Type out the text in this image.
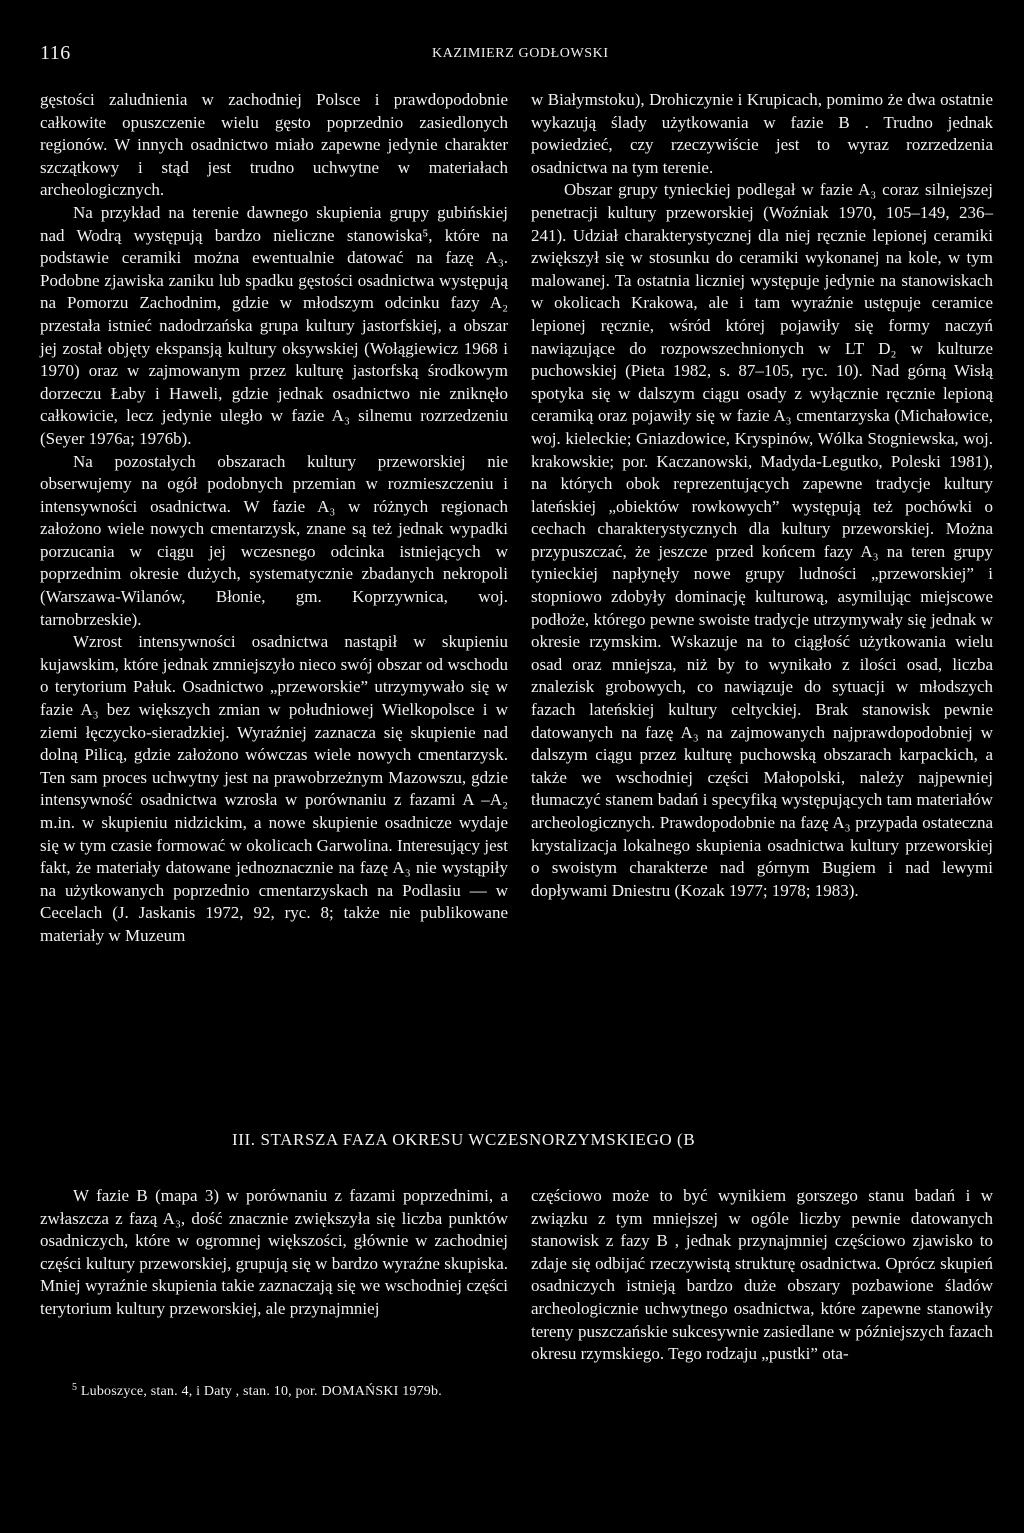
116	KAZIMIERZ GODŁOWSKI

gęstości zaludnienia w zachodniej Polsce i prawdopodobnie całkowite opuszczenie wielu gęsto poprzednio zasiedlonych regionów. W innych osadnictwo miało zapewne jedynie charakter szczątkowy i stąd jest trudno uchwytne w materiałach archeologicznych.

Na przykład na terenie dawnego skupienia grupy gubińskiej nad Wodrą występują bardzo nieliczne stanowiska⁵, które na podstawie ceramiki można ewentualnie datować na fazę A₃. Podobne zjawiska zaniku lub spadku gęstości osadnictwa występują na Pomorzu Zachodnim, gdzie w młodszym odcinku fazy A₂ przestała istnieć nadodrzańska grupa kultury jastorfskiej, a obszar jej został objęty ekspansją kultury oksywskiej (Wołągiewicz 1968 i 1970) oraz w zajmowanym przez kulturę jastorfską środkowym dorzeczu Łaby i Haweli, gdzie jednak osadnictwo nie zniknęło całkowicie, lecz jedynie uległo w fazie A₃ silnemu rozrzedzeniu (Seyer 1976a; 1976b).

Na pozostałych obszarach kultury przeworskiej nie obserwujemy na ogół podobnych przemian w rozmieszczeniu i intensywności osadnictwa. W fazie A₃ w różnych regionach założono wiele nowych cmentarzysk, znane są też jednak wypadki porzucania w ciągu jej wczesnego odcinka istniejących w poprzednim okresie dużych, systematycznie zbadanych nekropoli (Warszawa-Wilanów, Błonie, gm. Koprzywnica, woj. tarnobrzeskie).

Wzrost intensywności osadnictwa nastąpił w skupieniu kujawskim, które jednak zmniejszyło nieco swój obszar od wschodu o terytorium Pałuk. Osadnictwo „przeworskie” utrzymywało się w fazie A₃ bez większych zmian w południowej Wielkopolsce i w ziemi łęczycko-sieradzkiej. Wyraźniej zaznacza się skupienie nad dolną Pilicą, gdzie założono wówczas wiele nowych cmentarzysk. Ten sam proces uchwytny jest na prawobrzeżnym Mazowszu, gdzie intensywność osadnictwa wzrosła w porównaniu z fazami A –A₂ m.in. w skupieniu nidzickim, a nowe skupienie osadnicze wydaje się w tym czasie formować w okolicach Garwolina. Interesujący jest fakt, że materiały datowane jednoznacznie na fazę A₃ nie wystąpiły na użytkowanych poprzednio cmentarzyskach na Podlasiu — w Cecelach (J. Jaskanis 1972, 92, ryc. 8; także nie publikowane materiały w Muzeum

w Białymstoku), Drohiczynie i Krupicach, pomimo że dwa ostatnie wykazują ślady użytkowania w fazie B . Trudno jednak powiedzieć, czy rzeczywiście jest to wyraz rozrzedzenia osadnictwa na tym terenie.

Obszar grupy tynieckiej podlegał w fazie A₃ coraz silniejszej penetracji kultury przeworskiej (Woźniak 1970, 105–149, 236–241). Udział charakterystycznej dla niej ręcznie lepionej ceramiki zwiększył się w stosunku do ceramiki wykonanej na kole, w tym malowanej. Ta ostatnia liczniej występuje jedynie na stanowiskach w okolicach Krakowa, ale i tam wyraźnie ustępuje ceramice lepionej ręcznie, wśród której pojawiły się formy naczyń nawiązujące do rozpowszechnionych w LT D₂ w kulturze puchowskiej (Pieta 1982, s. 87–105, ryc. 10). Nad górną Wisłą spotyka się w dalszym ciągu osady z wyłącznie ręcznie lepioną ceramiką oraz pojawiły się w fazie A₃ cmentarzyska (Michałowice, woj. kieleckie; Gniazdowice, Kryspinów, Wólka Stogniewska, woj. krakowskie; por. Kaczanowski, Madyda-Legutko, Poleski 1981), na których obok reprezentujących zapewne tradycje kultury lateńskiej „obiektów rowkowych” występują też pochówki o cechach charakterystycznych dla kultury przeworskiej. Można przypuszczać, że jeszcze przed końcem fazy A₃ na teren grupy tynieckiej napłynęły nowe grupy ludności „przeworskiej” i stopniowo zdobyły dominację kulturową, asymilując miejscowe podłoże, którego pewne swoiste tradycje utrzymywały się jednak w okresie rzymskim. Wskazuje na to ciągłość użytkowania wielu osad oraz mniejsza, niż by to wynikało z ilości osad, liczba znalezisk grobowych, co nawiązuje do sytuacji w młodszych fazach lateńskiej kultury celtyckiej. Brak stanowisk pewnie datowanych na fazę A₃ na zajmowanych najprawdopodobniej w dalszym ciągu przez kulturę puchowską obszarach karpackich, a także we wschodniej części Małopolski, należy najpewniej tłumaczyć stanem badań i specyfiką występujących tam materiałów archeologicznych. Prawdopodobnie na fazę A₃ przypada ostateczna krystalizacja lokalnego skupienia osadnictwa kultury przeworskiej o swoistym charakterze nad górnym Bugiem i nad lewymi dopływami Dniestru (Kozak 1977; 1978; 1983).

III. STARSZA FAZA OKRESU WCZESNORZYMSKIEGO (B

W fazie B (mapa 3) w porównaniu z fazami poprzednimi, a zwłaszcza z fazą A₃, dość znacznie zwiększyła się liczba punktów osadniczych, które w ogromnej większości, głównie w zachodniej części kultury przeworskiej, grupują się w bardzo wyraźne skupiska. Mniej wyraźnie skupienia takie zaznaczają się we wschodniej części terytorium kultury przeworskiej, ale przynajmniej

częściowo może to być wynikiem gorszego stanu badań i w związku z tym mniejszej w ogóle liczby pewnie datowanych stanowisk z fazy B , jednak przynajmniej częściowo zjawisko to zdaje się odbijać rzeczywistą strukturę osadnictwa. Oprócz skupień osadniczych istnieją bardzo duże obszary pozbawione śladów archeologicznie uchwytnego osadnictwa, które zapewne stanowiły tereny puszczańskie sukcesywnie zasiedlane w późniejszych fazach okresu rzymskiego. Tego rodzaju „pustki” ota-

$^5$ Luboszyce, stan. 4, i Daty , stan. 10, por. DOMAŃSKI 1979b.
